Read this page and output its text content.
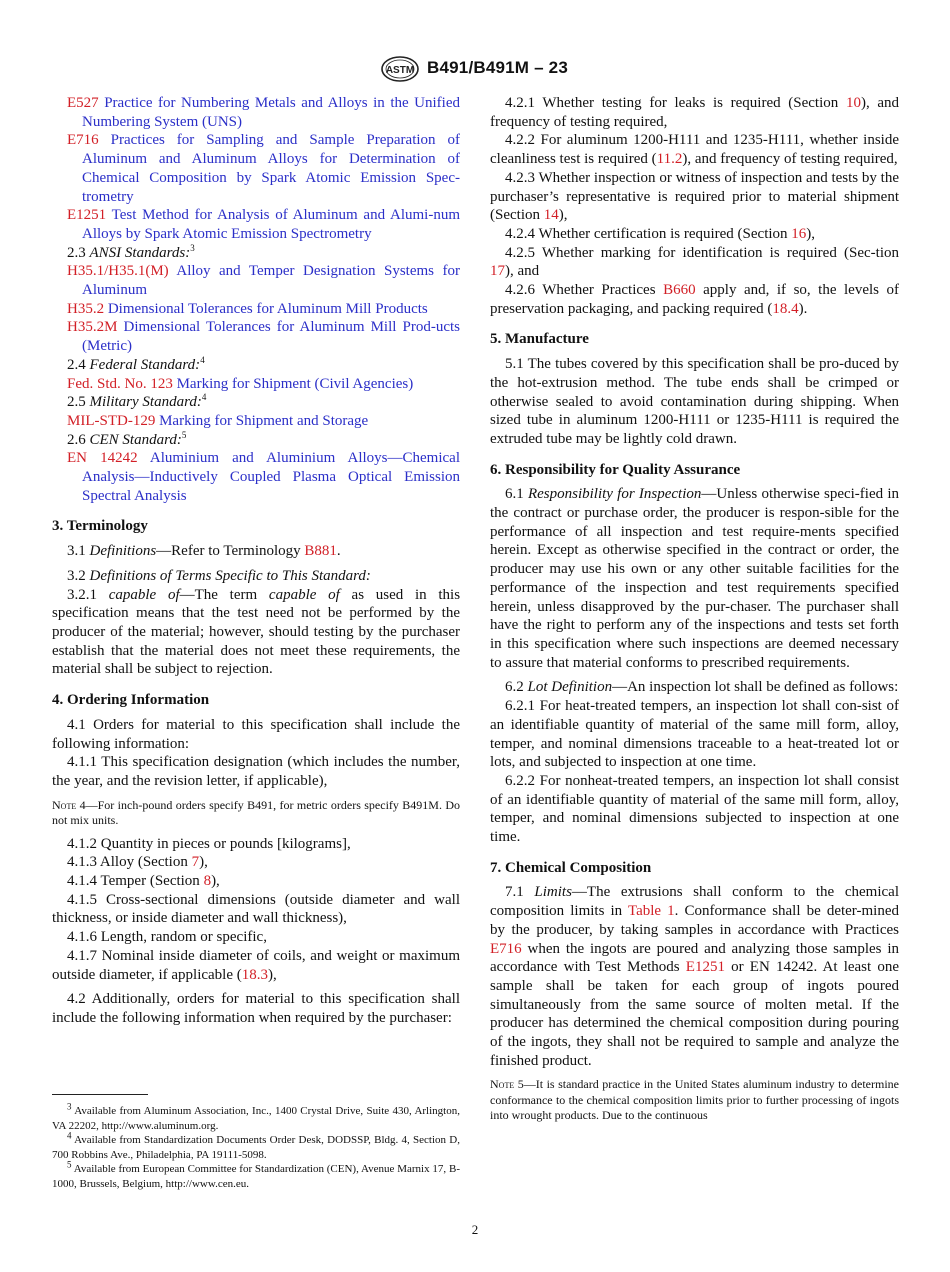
ASTM B491/B491M – 23

E527 Practice for Numbering Metals and Alloys in the Unified Numbering System (UNS)

E716 Practices for Sampling and Sample Preparation of Aluminum and Aluminum Alloys for Determination of Chemical Composition by Spark Atomic Emission Spec-trometry

E1251 Test Method for Analysis of Aluminum and Alumi-num Alloys by Spark Atomic Emission Spectrometry

2.3 ANSI Standards:$^3$

H35.1/H35.1(M) Alloy and Temper Designation Systems for Aluminum

H35.2 Dimensional Tolerances for Aluminum Mill Products

H35.2M Dimensional Tolerances for Aluminum Mill Prod-ucts (Metric)

2.4 Federal Standard:$^4$

Fed. Std. No. 123 Marking for Shipment (Civil Agencies)

2.5 Military Standard:$^4$

MIL-STD-129 Marking for Shipment and Storage

2.6 CEN Standard:$^5$

EN 14242 Aluminium and Aluminium Alloys—Chemical Analysis—Inductively Coupled Plasma Optical Emission Spectral Analysis

3. Terminology

3.1 Definitions—Refer to Terminology B881.

3.2 Definitions of Terms Specific to This Standard:

3.2.1 capable of—The term capable of as used in this specification means that the test need not be performed by the producer of the material; however, should testing by the purchaser establish that the material does not meet these requirements, the material shall be subject to rejection.

4. Ordering Information

4.1 Orders for material to this specification shall include the following information:

4.1.1 This specification designation (which includes the number, the year, and the revision letter, if applicable),

Note 4—For inch-pound orders specify B491, for metric orders specify B491M. Do not mix units.

4.1.2 Quantity in pieces or pounds [kilograms],

4.1.3 Alloy (Section 7),

4.1.4 Temper (Section 8),

4.1.5 Cross-sectional dimensions (outside diameter and wall thickness, or inside diameter and wall thickness),

4.1.6 Length, random or specific,

4.1.7 Nominal inside diameter of coils, and weight or maximum outside diameter, if applicable (18.3),

4.2 Additionally, orders for material to this specification shall include the following information when required by the purchaser:

$^3$ Available from Aluminum Association, Inc., 1400 Crystal Drive, Suite 430, Arlington, VA 22202, http://www.aluminum.org.

$^4$ Available from Standardization Documents Order Desk, DODSSP, Bldg. 4, Section D, 700 Robbins Ave., Philadelphia, PA 19111-5098.

$^5$ Available from European Committee for Standardization (CEN), Avenue Marnix 17, B-1000, Brussels, Belgium, http://www.cen.eu.

4.2.1 Whether testing for leaks is required (Section 10), and frequency of testing required,

4.2.2 For aluminum 1200-H111 and 1235-H111, whether inside cleanliness test is required (11.2), and frequency of testing required,

4.2.3 Whether inspection or witness of inspection and tests by the purchaser’s representative is required prior to material shipment (Section 14),

4.2.4 Whether certification is required (Section 16),

4.2.5 Whether marking for identification is required (Sec-tion 17), and

4.2.6 Whether Practices B660 apply and, if so, the levels of preservation packaging, and packing required (18.4).

5. Manufacture

5.1 The tubes covered by this specification shall be pro-duced by the hot-extrusion method. The tube ends shall be crimped or otherwise sealed to avoid contamination during shipping. When sized tube in aluminum 1200-H111 or 1235-H111 is required the extruded tube may be lightly cold drawn.

6. Responsibility for Quality Assurance

6.1 Responsibility for Inspection—Unless otherwise speci-fied in the contract or purchase order, the producer is respon-sible for the performance of all inspection and test require-ments specified herein. Except as otherwise specified in the contract or order, the producer may use his own or any other suitable facilities for the performance of the inspection and test requirements specified herein, unless disapproved by the pur-chaser. The purchaser shall have the right to perform any of the inspections and tests set forth in this specification where such inspections are deemed necessary to assure that material conforms to prescribed requirements.

6.2 Lot Definition—An inspection lot shall be defined as follows:

6.2.1 For heat-treated tempers, an inspection lot shall con-sist of an identifiable quantity of material of the same mill form, alloy, temper, and nominal dimensions traceable to a heat-treated lot or lots, and subjected to inspection at one time.

6.2.2 For nonheat-treated tempers, an inspection lot shall consist of an identifiable quantity of material of the same mill form, alloy, temper, and nominal dimensions subjected to inspection at one time.

7. Chemical Composition

7.1 Limits—The extrusions shall conform to the chemical composition limits in Table 1. Conformance shall be deter-mined by the producer, by taking samples in accordance with Practices E716 when the ingots are poured and analyzing those samples in accordance with Test Methods E1251 or EN 14242. At least one sample shall be taken for each group of ingots poured simultaneously from the same source of molten metal. If the producer has determined the chemical composition during pouring of the ingots, they shall not be required to sample and analyze the finished product.

Note 5—It is standard practice in the United States aluminum industry to determine conformance to the chemical composition limits prior to further processing of ingots into wrought products. Due to the continuous

2
